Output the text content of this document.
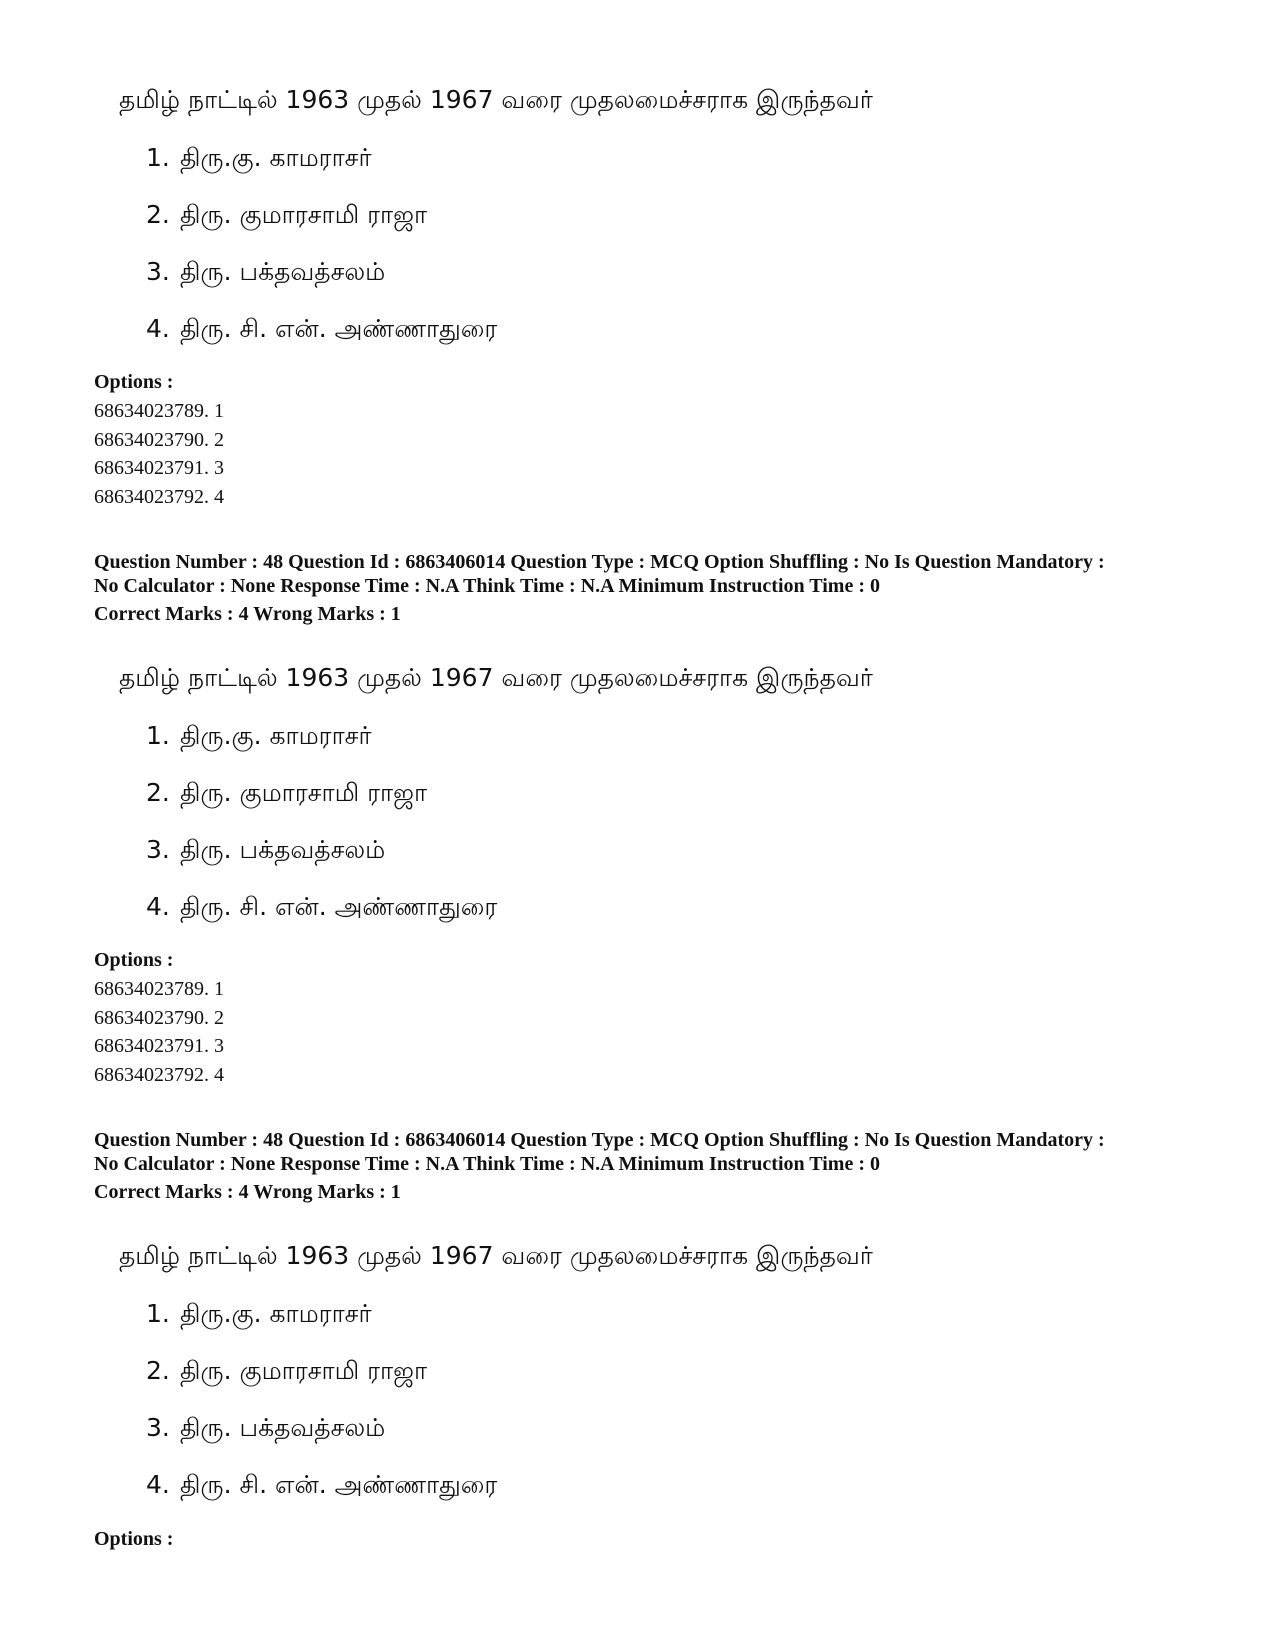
தமிழ் நாட்டில் 1963 முதல் 1967 வரை முதலமைச்சராக இருந்தவர்
1. திரு.கு. காமராசர்
2. திரு. குமாரசாமி ராஜா
3. திரு. பக்தவத்சலம்
4. திரு. சி. என். அண்ணாதுரை
Options :
68634023789. 1
68634023790. 2
68634023791. 3
68634023792. 4
Question Number : 48 Question Id : 6863406014 Question Type : MCQ Option Shuffling : No Is Question Mandatory :
No Calculator : None Response Time : N.A Think Time : N.A Minimum Instruction Time : 0
Correct Marks : 4 Wrong Marks : 1
தமிழ் நாட்டில் 1963 முதல் 1967 வரை முதலமைச்சராக இருந்தவர்
1. திரு.கு. காமராசர்
2. திரு. குமாரசாமி ராஜா
3. திரு. பக்தவத்சலம்
4. திரு. சி. என். அண்ணாதுரை
Options :
68634023789. 1
68634023790. 2
68634023791. 3
68634023792. 4
Question Number : 48 Question Id : 6863406014 Question Type : MCQ Option Shuffling : No Is Question Mandatory :
No Calculator : None Response Time : N.A Think Time : N.A Minimum Instruction Time : 0
Correct Marks : 4 Wrong Marks : 1
தமிழ் நாட்டில் 1963 முதல் 1967 வரை முதலமைச்சராக இருந்தவர்
1. திரு.கு. காமராசர்
2. திரு. குமாரசாமி ராஜா
3. திரு. பக்தவத்சலம்
4. திரு. சி. என். அண்ணாதுரை
Options :
